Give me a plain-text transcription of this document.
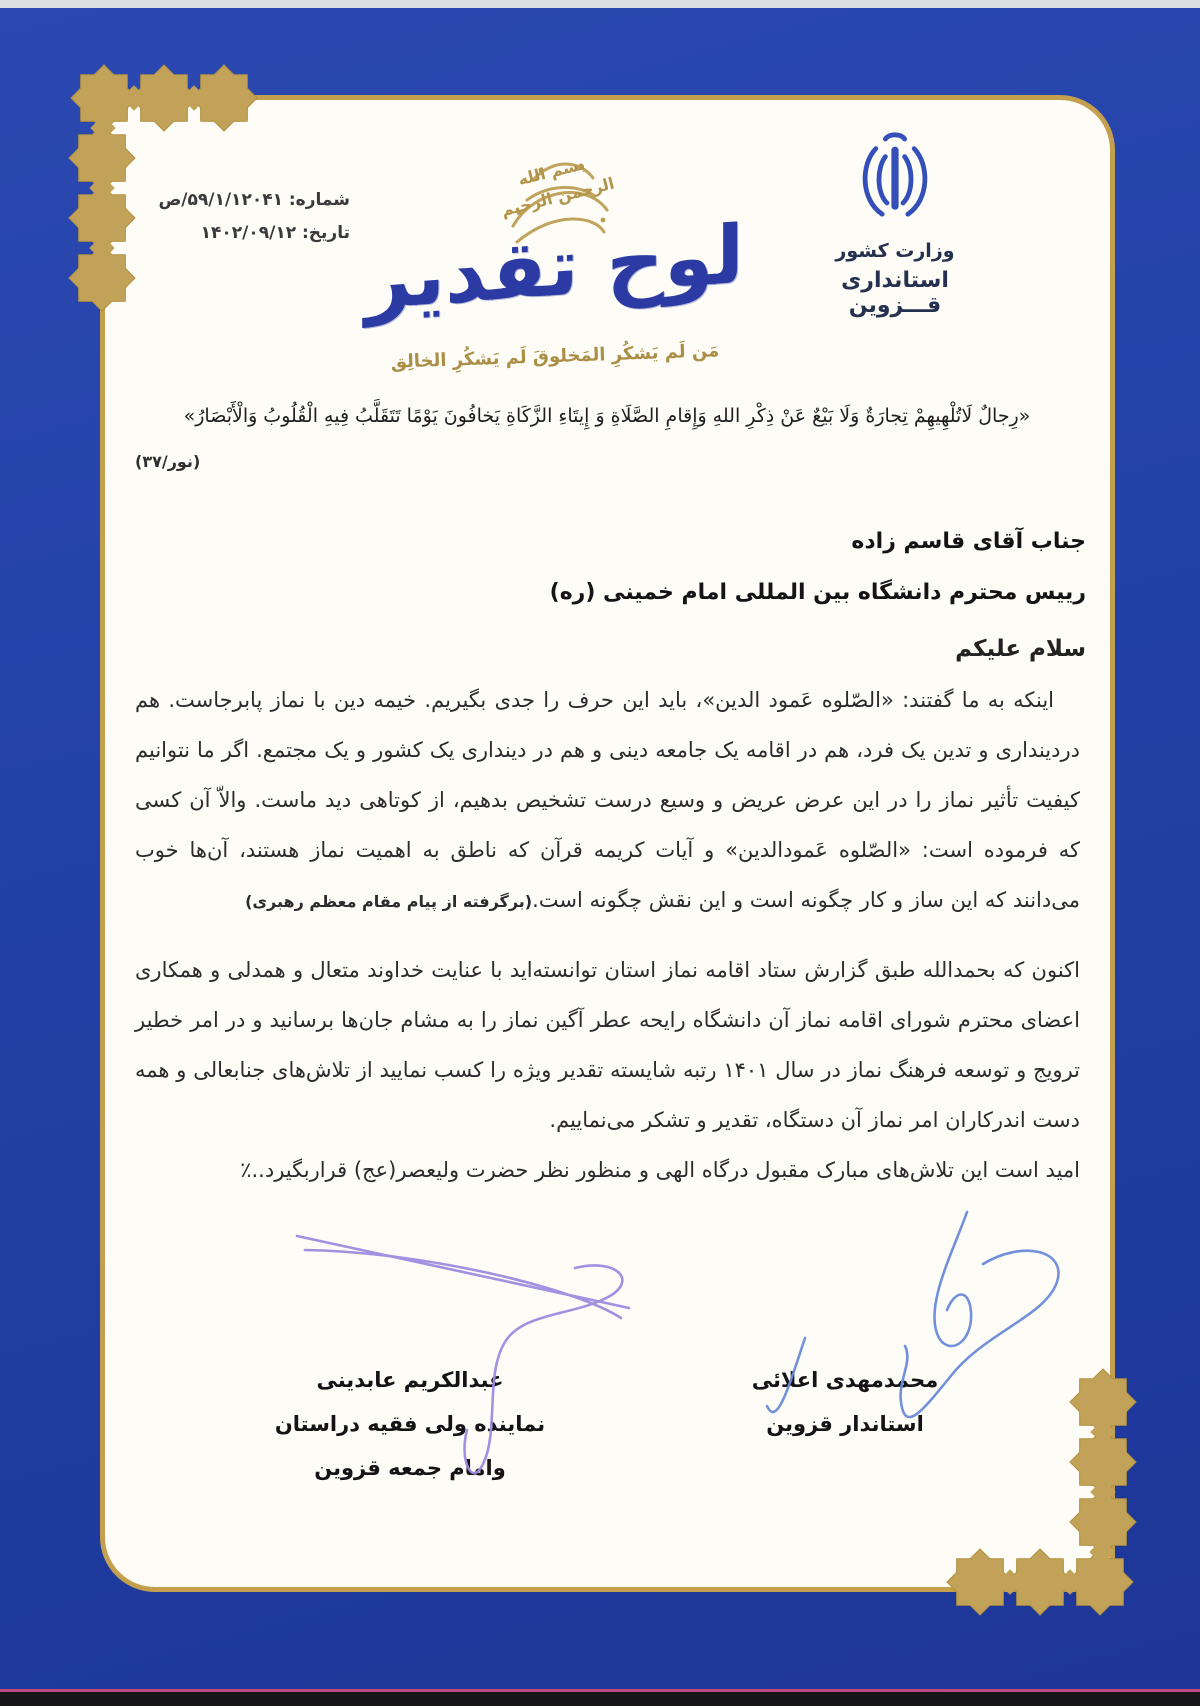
شماره: ۵۹/۱/۱۲۰۴۱/ص
تاریخ: ۱۴۰۲/۰۹/۱۲
بسم الله الرحمن الرحیم
لوح تقدیر
مَن لَم یَشکُرِ المَخلوقَ لَم یَشکُرِ الخالِق
وزارت کشور
استانداری قـــزوین
«رِجالٌ لَاتُلْهِيهِمْ تِجارَةٌ وَلَا بَيْعٌ عَنْ ذِكْرِ اللهِ وَإِقامِ الصَّلَاةِ وَ إِيتَاءِ الزَّكَاةِ يَخافُونَ يَوْمًا تَتَقَلَّبُ فِيهِ الْقُلُوبُ وَالْأَبْصَارُ»
(نور/۳۷)
جناب آقای قاسم زاده
رییس محترم دانشگاه بین المللی امام خمینی (ره)
سلام علیکم

اینکه به ما گفتند: «الصّلوه عَمود الدین»، باید این حرف را جدی بگیریم. خیمه دین با نماز پابرجاست. هم دردینداری و تدین یک فرد، هم در اقامه یک جامعه دینی و هم در دینداری یک کشور و یک مجتمع. اگر ما نتوانیم کیفیت تأثیر نماز را در این عرض عریض و وسیع درست تشخیص بدهیم، از کوتاهی دید ماست. والاّ آن کسی که فرموده است: «الصّلوه عَمودالدین» و آیات کریمه قرآن که ناطق به اهمیت نماز هستند، آن‌ها خوب می‌دانند که این ساز و کار چگونه است و این نقش چگونه است.(برگرفته از پیام مقام معظم رهبری)

اکنون که بحمدالله طبق گزارش ستاد اقامه نماز استان توانسته‌اید با عنایت خداوند متعال و همدلی و همکاری اعضای محترم شورای اقامه نماز آن دانشگاه رایحه عطر آگین نماز را به مشام جان‌ها برسانید و در امر خطیر ترویج و توسعه فرهنگ نماز در سال ۱۴۰۱ رتبه شایسته تقدیر ویژه را کسب نمایید از تلاش‌های جنابعالی و همه دست اندرکاران امر نماز آن دستگاه، تقدیر و تشکر می‌نماییم.

امید است این تلاش‌های مبارک مقبول درگاه الهی و منظور نظر حضرت ولیعصر(عج) قراربگیرد..٪

محمدمهدی اعلائی
استاندار قزوین
عبدالکریم عابدینی
نماینده ولی فقیه دراستان وامام جمعه قزوین
